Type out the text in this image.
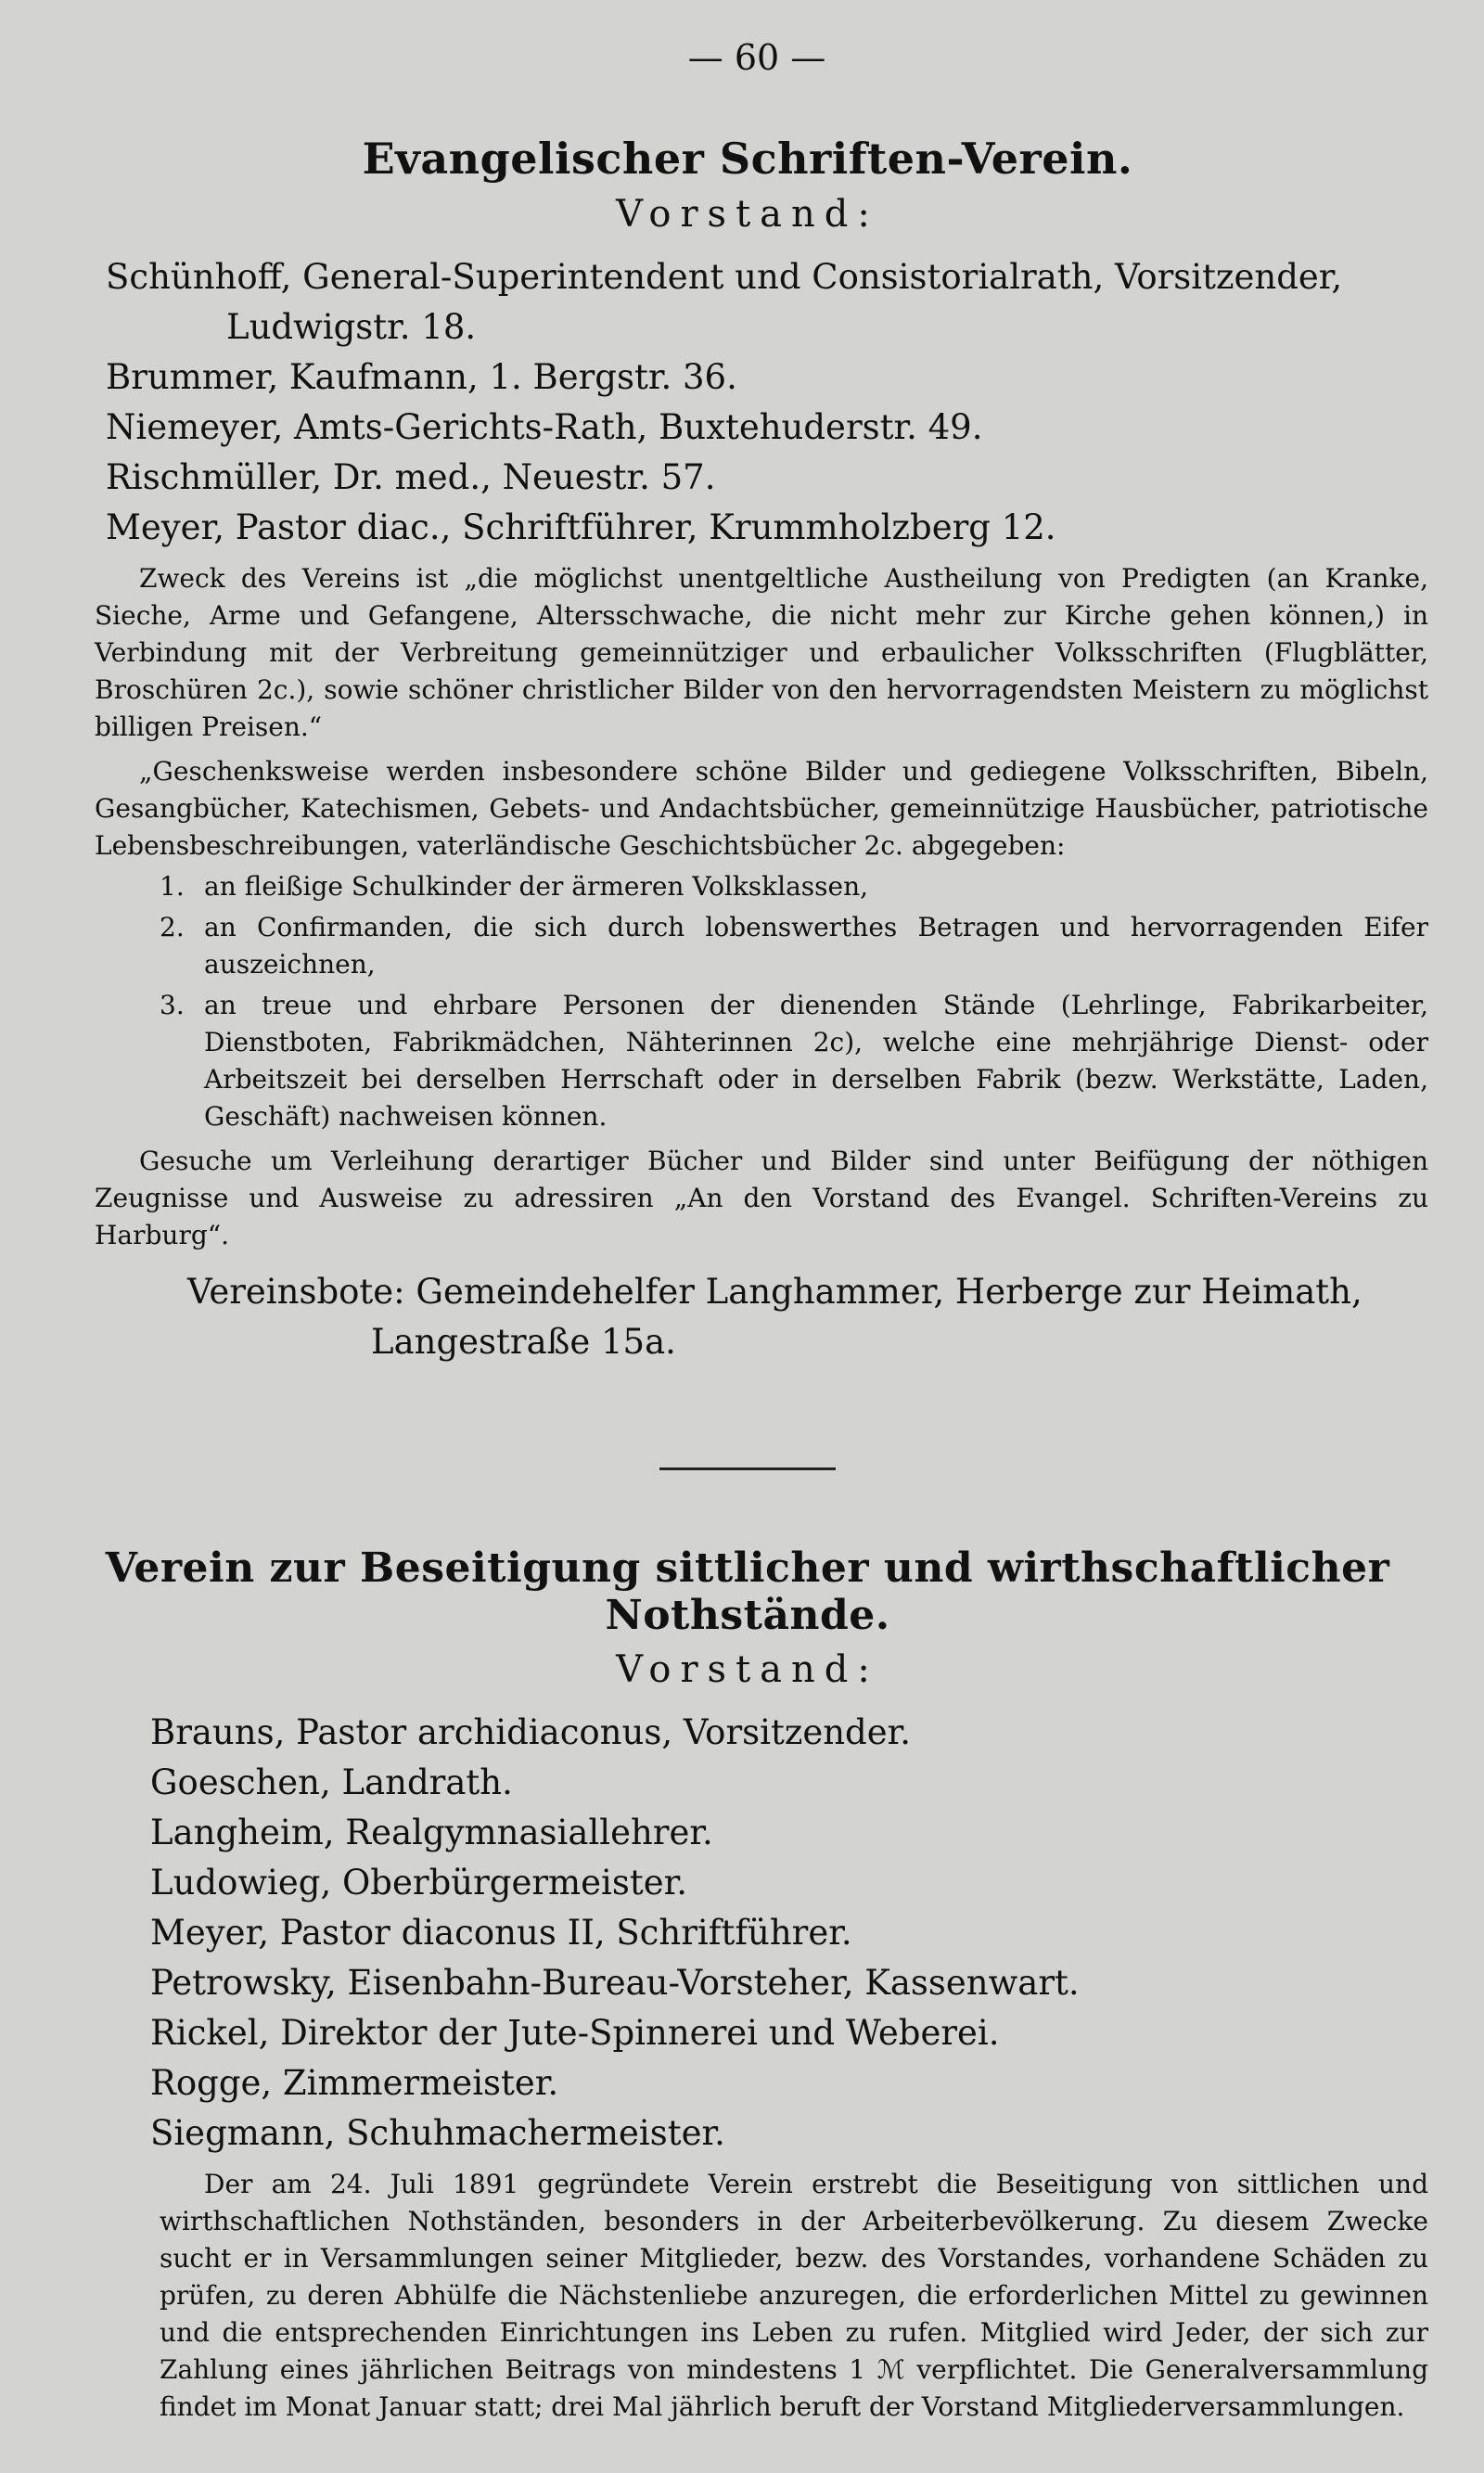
— 60 —
Evangelischer Schriften-Verein.
Vorstand:

Schünhoff, General-Superintendent und Consistorialrath, Vorsitzender,

Ludwigstr. 18.

Brummer, Kaufmann, 1. Bergstr. 36.

Niemeyer, Amts-Gerichts-Rath, Buxtehuderstr. 49.

Rischmüller, Dr. med., Neuestr. 57.

Meyer, Pastor diac., Schriftführer, Krummholzberg 12.

Zweck des Vereins ist „die möglichst unentgeltliche Austheilung von Predigten (an Kranke, Sieche, Arme und Gefangene, Altersschwache, die nicht mehr zur Kirche gehen können,) in Verbindung mit der Verbreitung gemeinnütziger und erbaulicher Volksschriften (Flugblätter, Broschüren 2c.), sowie schöner christlicher Bilder von den hervorragendsten Meistern zu möglichst billigen Preisen.“

„Geschenksweise werden insbesondere schöne Bilder und gediegene Volksschriften, Bibeln, Gesangbücher, Katechismen, Gebets- und Andachtsbücher, gemeinnützige Hausbücher, patriotische Lebensbeschreibungen, vaterländische Geschichtsbücher 2c. abgegeben:

1. an fleißige Schulkinder der ärmeren Volksklassen,
2. an Confirmanden, die sich durch lobenswerthes Betragen und hervorragenden Eifer auszeichnen,
3. an treue und ehrbare Personen der dienenden Stände (Lehrlinge, Fabrikarbeiter, Dienstboten, Fabrikmädchen, Nähterinnen 2c), welche eine mehrjährige Dienst- oder Arbeitszeit bei derselben Herrschaft oder in derselben Fabrik (bezw. Werkstätte, Laden, Geschäft) nachweisen können.

Gesuche um Verleihung derartiger Bücher und Bilder sind unter Beifügung der nöthigen Zeugnisse und Ausweise zu adressiren „An den Vorstand des Evangel. Schriften-Vereins zu Harburg“.

Vereinsbote: Gemeindehelfer Langhammer, Herberge zur Heimath,

Langestraße 15a.

Verein zur Beseitigung sittlicher und wirthschaftlicher Nothstände.
Vorstand:

Brauns, Pastor archidiaconus, Vorsitzender.

Goeschen, Landrath.

Langheim, Realgymnasiallehrer.

Ludowieg, Oberbürgermeister.

Meyer, Pastor diaconus II, Schriftführer.

Petrowsky, Eisenbahn-Bureau-Vorsteher, Kassenwart.

Rickel, Direktor der Jute-Spinnerei und Weberei.

Rogge, Zimmermeister.

Siegmann, Schuhmachermeister.

Der am 24. Juli 1891 gegründete Verein erstrebt die Beseitigung von sittlichen und wirthschaftlichen Nothständen, besonders in der Arbeiterbevölkerung. Zu diesem Zwecke sucht er in Versammlungen seiner Mitglieder, bezw. des Vorstandes, vorhandene Schäden zu prüfen, zu deren Abhülfe die Nächstenliebe anzuregen, die erforderlichen Mittel zu gewinnen und die entsprechenden Einrichtungen ins Leben zu rufen. Mitglied wird Jeder, der sich zur Zahlung eines jährlichen Beitrags von mindestens 1 ℳ verpflichtet. Die Generalversammlung findet im Monat Januar statt; drei Mal jährlich beruft der Vorstand Mitgliederversammlungen.
